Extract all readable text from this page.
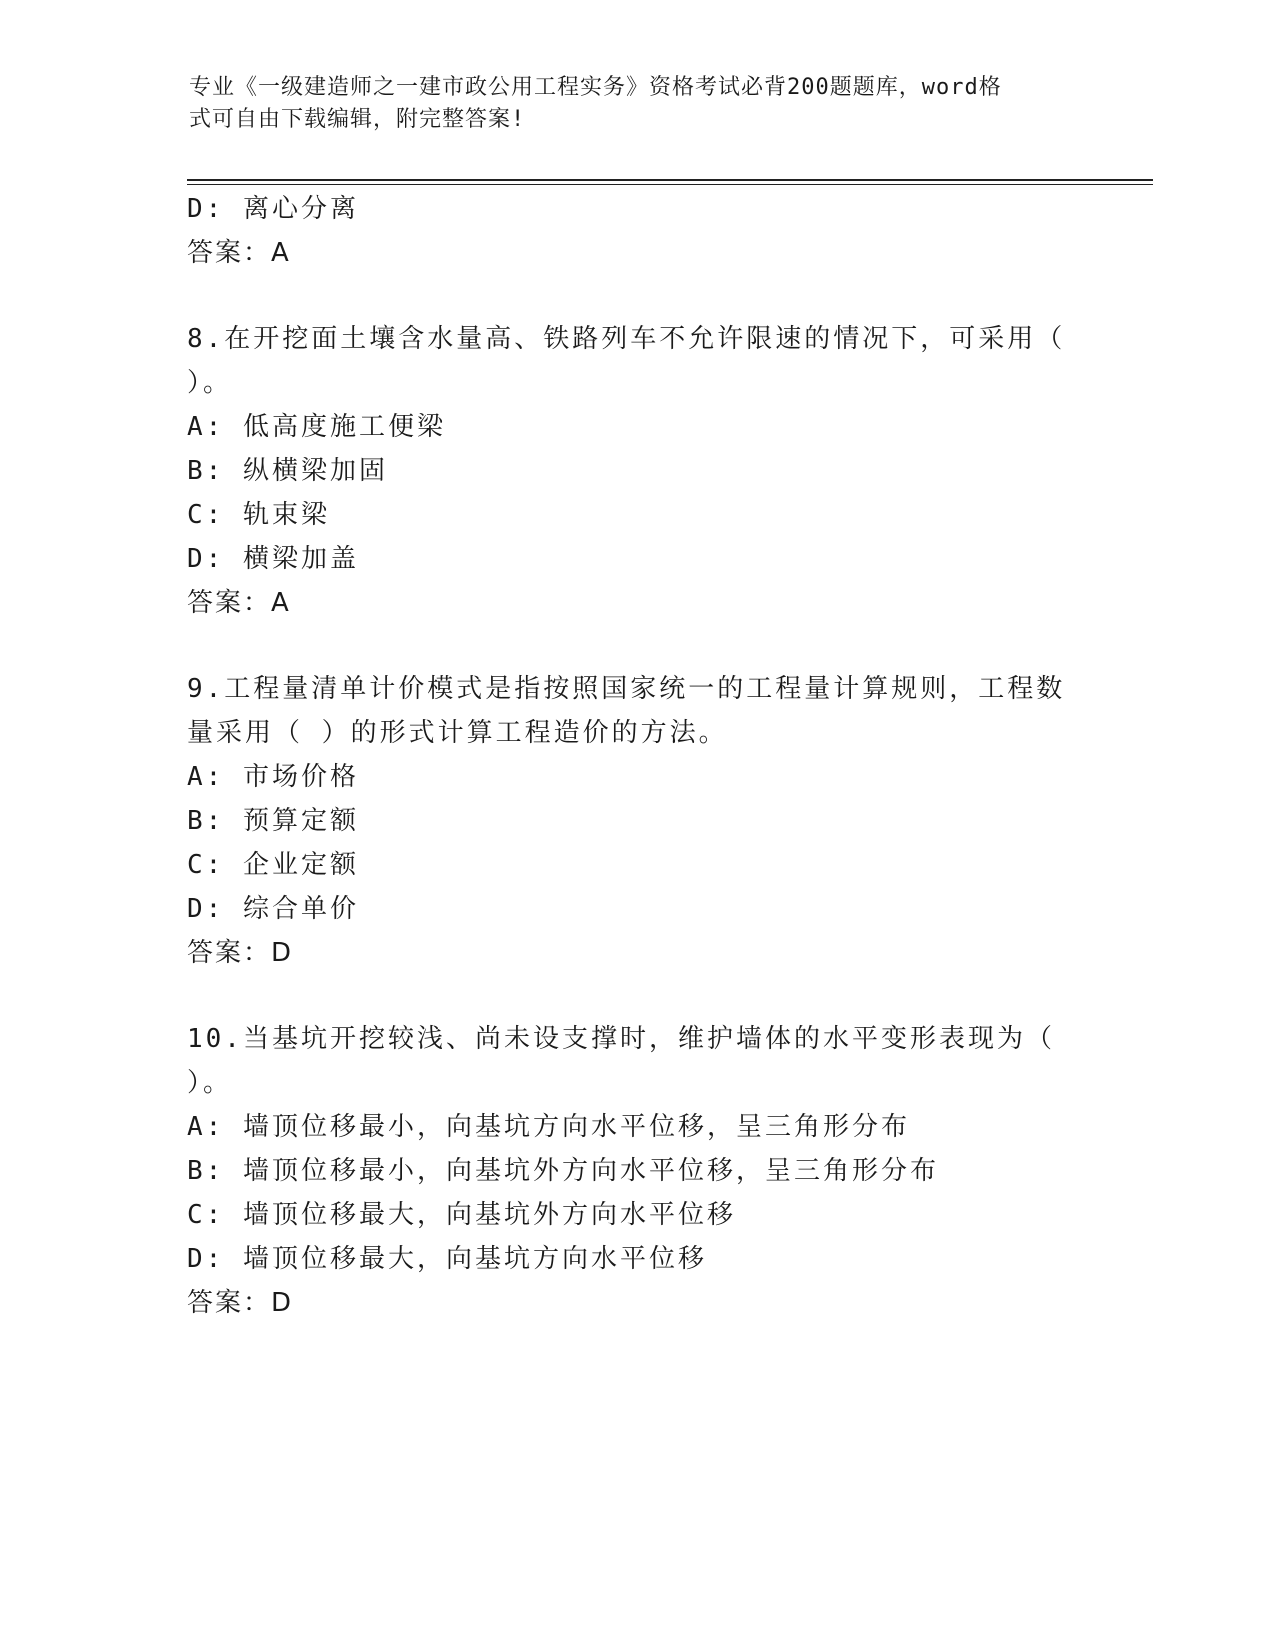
专业《一级建造师之一建市政公用工程实务》资格考试必背200题题库，word格
式可自由下载编辑，附完整答案!
D: 离心分离
答案：A
8.在开挖面土壤含水量高、铁路列车不允许限速的情况下，可采用（
）。
A: 低高度施工便梁
B: 纵横梁加固
C: 轨束梁
D: 横梁加盖
答案：A
9.工程量清单计价模式是指按照国家统一的工程量计算规则，工程数
量采用（ ）的形式计算工程造价的方法。
A: 市场价格
B: 预算定额
C: 企业定额
D: 综合单价
答案：D
10.当基坑开挖较浅、尚未设支撑时，维护墙体的水平变形表现为（
）。
A: 墙顶位移最小，向基坑方向水平位移，呈三角形分布
B: 墙顶位移最小，向基坑外方向水平位移，呈三角形分布
C: 墙顶位移最大，向基坑外方向水平位移
D: 墙顶位移最大，向基坑方向水平位移
答案：D
